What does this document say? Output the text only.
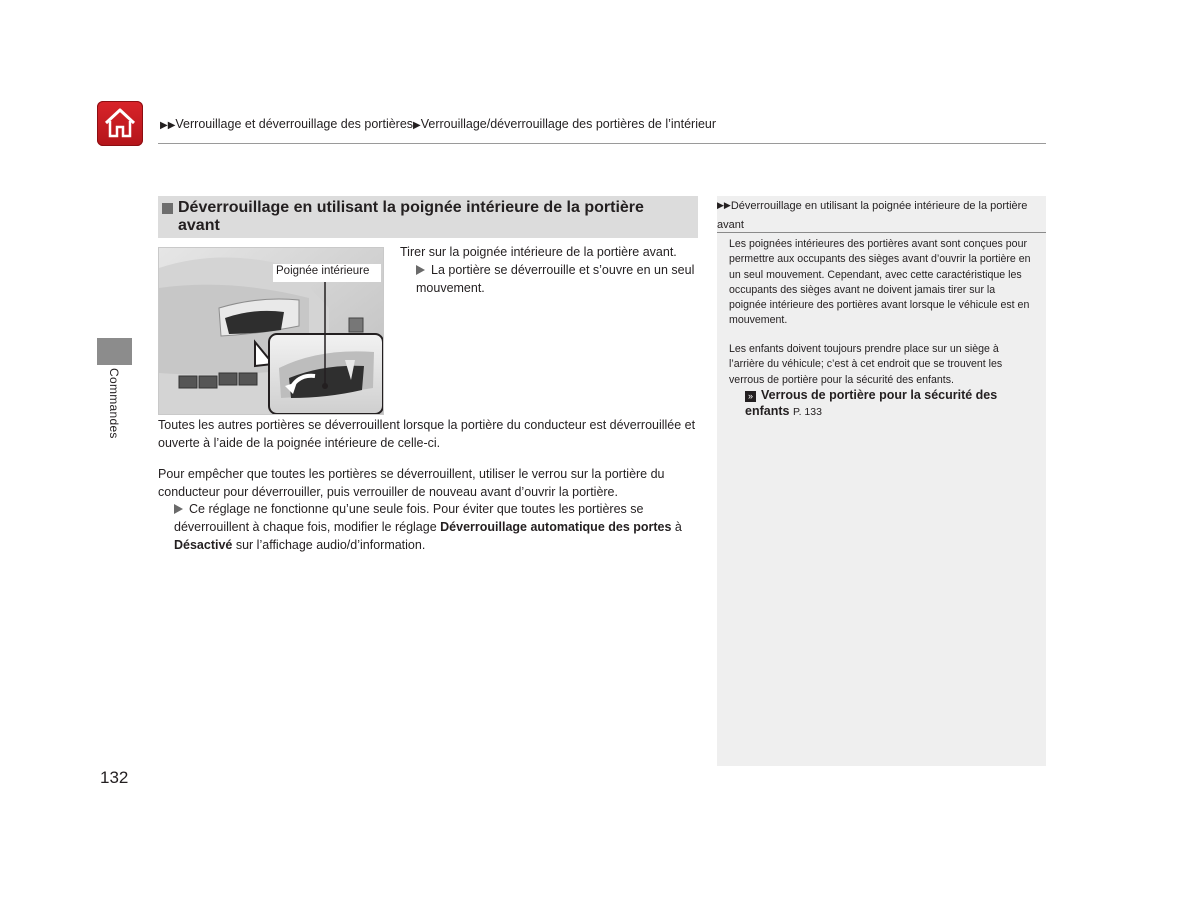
▶▶Verrouillage et déverrouillage des portières▶Verrouillage/déverrouillage des portières de l’intérieur
Commandes
Déverrouillage en utilisant la poignée intérieure de la portière avant
Poignée intérieure
Tirer sur la poignée intérieure de la portière avant.
La portière se déverrouille et s’ouvre en un seul mouvement.
Toutes les autres portières se déverrouillent lorsque la portière du conducteur est déverrouillée et ouverte à l’aide de la poignée intérieure de celle-ci.
Pour empêcher que toutes les portières se déverrouillent, utiliser le verrou sur la portière du conducteur pour déverrouiller, puis verrouiller de nouveau avant d’ouvrir la portière.
Ce réglage ne fonctionne qu’une seule fois. Pour éviter que toutes les portières se déverrouillent à chaque fois, modifier le réglage Déverrouillage automatique des portes à Désactivé sur l’affichage audio/d’information.
▶▶Déverrouillage en utilisant la poignée intérieure de la portière avant
Les poignées intérieures des portières avant sont conçues pour permettre aux occupants des sièges avant d’ouvrir la portière en un seul mouvement. Cependant, avec cette caractéristique les occupants des sièges avant ne doivent jamais tirer sur la poignée intérieure des portières avant lorsque le véhicule est en mouvement.
Les enfants doivent toujours prendre place sur un siège à l’arrière du véhicule; c’est à cet endroit que se trouvent les verrous de portière pour la sécurité des enfants.
» Verrous de portière pour la sécurité des enfants P. 133
132
